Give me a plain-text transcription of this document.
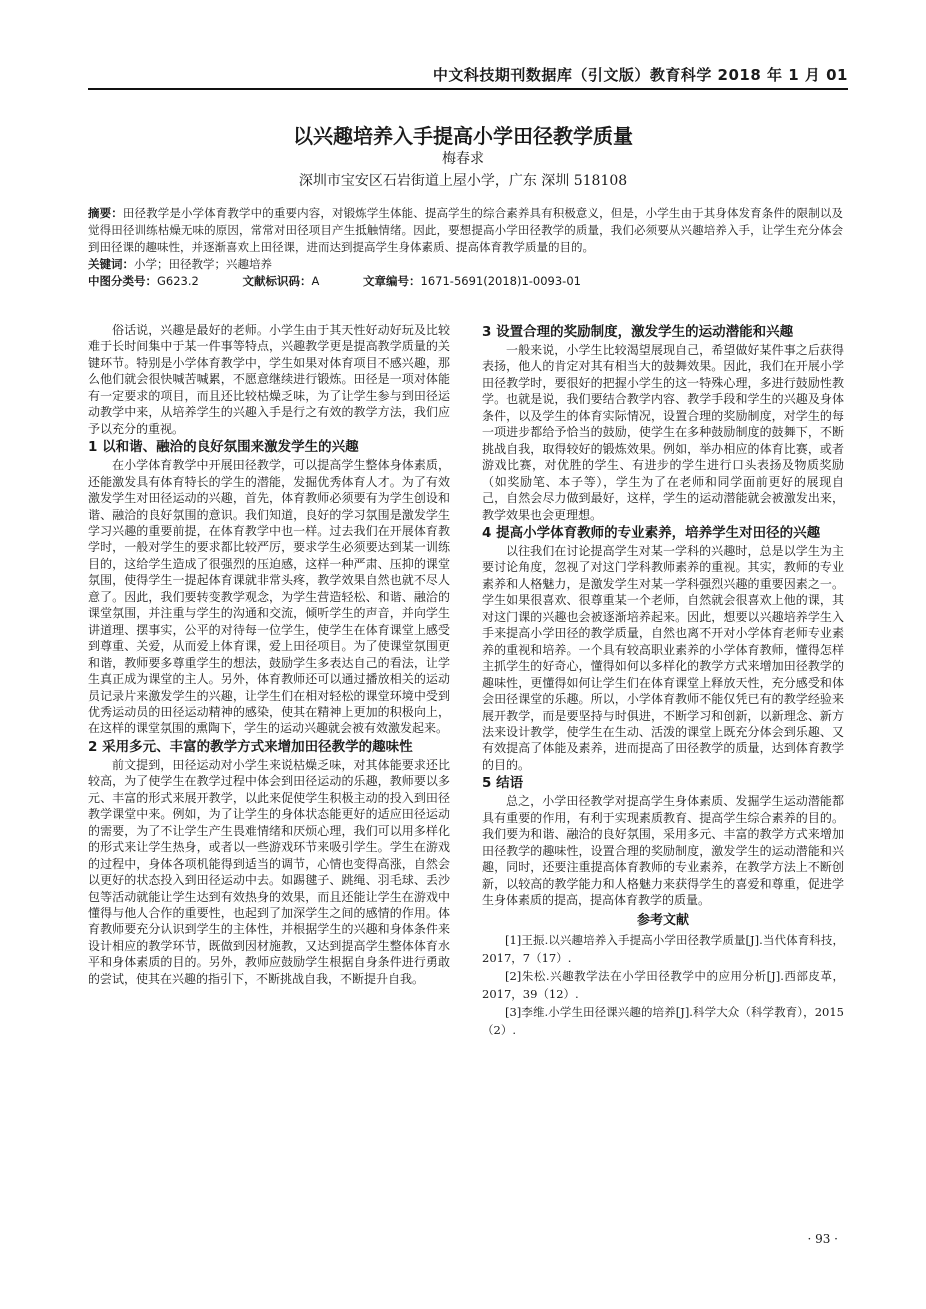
中文科技期刊数据库（引文版）教育科学 2018 年 1 月 01
以兴趣培养入手提高小学田径教学质量
梅春求
深圳市宝安区石岩街道上屋小学，广东 深圳 518108
摘要：田径教学是小学体育教学中的重要内容，对锻炼学生体能、提高学生的综合素养具有积极意义，但是，小学生由于其身体发育条件的限制以及觉得田径训练枯燥无味的原因，常常对田径项目产生抵触情绪。因此，要想提高小学田径教学的质量，我们必须要从兴趣培养入手，让学生充分体会到田径课的趣味性，并逐渐喜欢上田径课，进而达到提高学生身体素质、提高体育教学质量的目的。
关键词：小学；田径教学；兴趣培养
中图分类号：G623.2	文献标识码：A	文章编号：1671-5691(2018)1-0093-01

俗话说，兴趣是最好的老师。小学生由于其天性好动好玩及比较难于长时间集中于某一件事等特点，兴趣教学更是提高教学质量的关键环节。特别是小学体育教学中，学生如果对体育项目不感兴趣，那么他们就会很快喊苦喊累，不愿意继续进行锻炼。田径是一项对体能有一定要求的项目，而且还比较枯燥乏味，为了让学生参与到田径运动教学中来，从培养学生的兴趣入手是行之有效的教学方法，我们应予以充分的重视。

1 以和谐、融洽的良好氛围来激发学生的兴趣

在小学体育教学中开展田径教学，可以提高学生整体身体素质，还能激发具有体育特长的学生的潜能，发掘优秀体育人才。为了有效激发学生对田径运动的兴趣，首先，体育教师必须要有为学生创设和谐、融洽的良好氛围的意识。我们知道，良好的学习氛围是激发学生学习兴趣的重要前提，在体育教学中也一样。过去我们在开展体育教学时，一般对学生的要求都比较严厉，要求学生必须要达到某一训练目的，这给学生造成了很强烈的压迫感，这样一种严肃、压抑的课堂氛围，使得学生一提起体育课就非常头疼，教学效果自然也就不尽人意了。因此，我们要转变教学观念，为学生营造轻松、和谐、融洽的课堂氛围，并注重与学生的沟通和交流，倾听学生的声音，并向学生讲道理、摆事实，公平的对待每一位学生，使学生在体育课堂上感受到尊重、关爱，从而爱上体育课，爱上田径项目。为了使课堂氛围更和谐，教师要多尊重学生的想法，鼓励学生多表达自己的看法，让学生真正成为课堂的主人。另外，体育教师还可以通过播放相关的运动员记录片来激发学生的兴趣，让学生们在相对轻松的课堂环境中受到优秀运动员的田径运动精神的感染，使其在精神上更加的积极向上，在这样的课堂氛围的熏陶下，学生的运动兴趣就会被有效激发起来。

2 采用多元、丰富的教学方式来增加田径教学的趣味性

前文提到，田径运动对小学生来说枯燥乏味，对其体能要求还比较高，为了使学生在教学过程中体会到田径运动的乐趣，教师要以多元、丰富的形式来展开教学，以此来促使学生积极主动的投入到田径教学课堂中来。例如，为了让学生的身体状态能更好的适应田径运动的需要，为了不让学生产生畏难情绪和厌烦心理，我们可以用多样化的形式来让学生热身，或者以一些游戏环节来吸引学生。学生在游戏的过程中，身体各项机能得到适当的调节，心情也变得高涨，自然会以更好的状态投入到田径运动中去。如踢毽子、跳绳、羽毛球、丢沙包等活动就能让学生达到有效热身的效果，而且还能让学生在游戏中懂得与他人合作的重要性，也起到了加深学生之间的感情的作用。体育教师要充分认识到学生的主体性，并根据学生的兴趣和身体条件来设计相应的教学环节，既做到因材施教，又达到提高学生整体体育水平和身体素质的目的。另外，教师应鼓励学生根据自身条件进行勇敢的尝试，使其在兴趣的指引下，不断挑战自我，不断提升自我。

3 设置合理的奖励制度，激发学生的运动潜能和兴趣

一般来说，小学生比较渴望展现自己，希望做好某件事之后获得表扬，他人的肯定对其有相当大的鼓舞效果。因此，我们在开展小学田径教学时，要很好的把握小学生的这一特殊心理，多进行鼓励性教学。也就是说，我们要结合教学内容、教学手段和学生的兴趣及身体条件，以及学生的体育实际情况，设置合理的奖励制度，对学生的每一项进步都给予恰当的鼓励，使学生在多种鼓励制度的鼓舞下，不断挑战自我，取得较好的锻炼效果。例如，举办相应的体育比赛，或者游戏比赛，对优胜的学生、有进步的学生进行口头表扬及物质奖励（如奖励笔、本子等），学生为了在老师和同学面前更好的展现自己，自然会尽力做到最好，这样，学生的运动潜能就会被激发出来，教学效果也会更理想。

4 提高小学体育教师的专业素养，培养学生对田径的兴趣

以往我们在讨论提高学生对某一学科的兴趣时，总是以学生为主要讨论角度，忽视了对这门学科教师素养的重视。其实，教师的专业素养和人格魅力，是激发学生对某一学科强烈兴趣的重要因素之一。学生如果很喜欢、很尊重某一个老师，自然就会很喜欢上他的课，其对这门课的兴趣也会被逐渐培养起来。因此，想要以兴趣培养学生入手来提高小学田径的教学质量，自然也离不开对小学体育老师专业素养的重视和培养。一个具有较高职业素养的小学体育教师，懂得怎样主抓学生的好奇心，懂得如何以多样化的教学方式来增加田径教学的趣味性，更懂得如何让学生们在体育课堂上释放天性，充分感受和体会田径课堂的乐趣。所以，小学体育教师不能仅凭已有的教学经验来展开教学，而是要坚持与时俱进，不断学习和创新，以新理念、新方法来设计教学，使学生在生动、活泼的课堂上既充分体会到乐趣、又有效提高了体能及素养，进而提高了田径教学的质量，达到体育教学的目的。

5 结语

总之，小学田径教学对提高学生身体素质、发掘学生运动潜能都具有重要的作用，有利于实现素质教育、提高学生综合素养的目的。我们要为和谐、融洽的良好氛围，采用多元、丰富的教学方式来增加田径教学的趣味性，设置合理的奖励制度，激发学生的运动潜能和兴趣，同时，还要注重提高体育教师的专业素养，在教学方法上不断创新，以较高的教学能力和人格魅力来获得学生的喜爱和尊重，促进学生身体素质的提高，提高体育教学的质量。

参考文献

[1]王振.以兴趣培养入手提高小学田径教学质量[J].当代体育科技，2017，7（17）.

[2]朱松.兴趣教学法在小学田径教学中的应用分析[J].西部皮革，2017，39（12）.

[3]李维.小学生田径课兴趣的培养[J].科学大众（科学教育），2015（2）.

· 93 ·
